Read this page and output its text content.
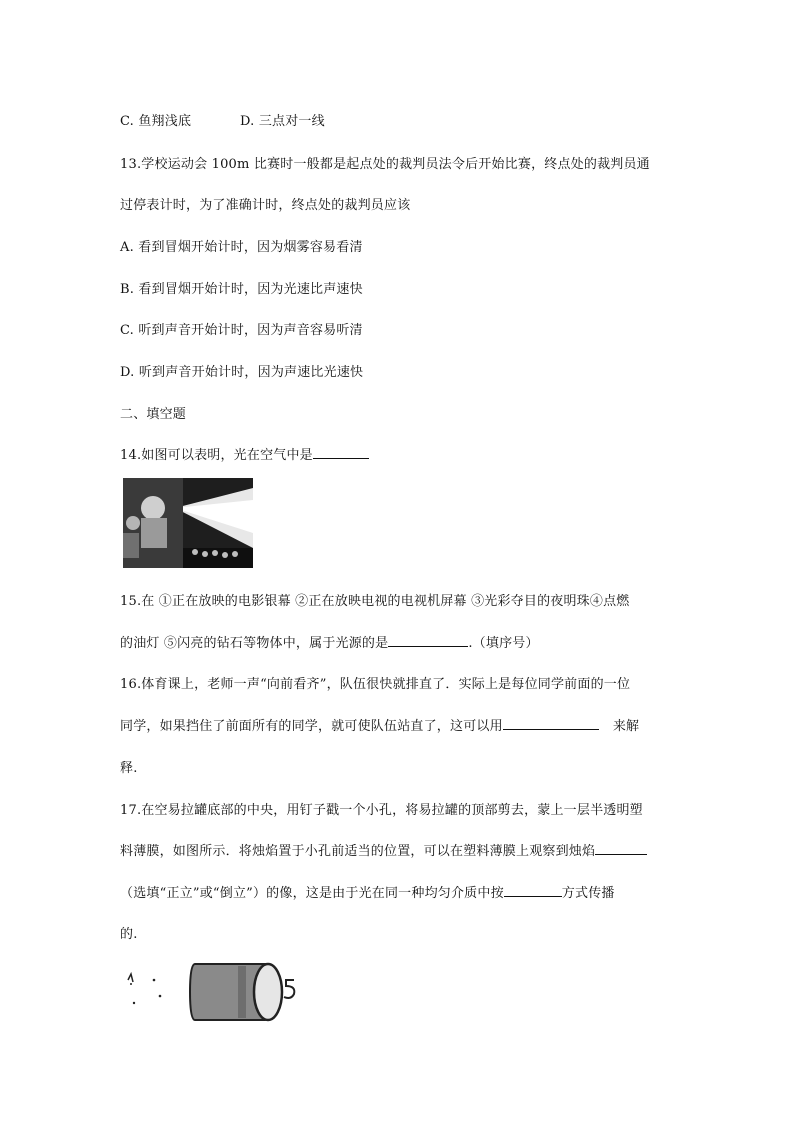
C. 鱼翔浅底	D. 三点对一线
13.学校运动会 100m 比赛时一般都是起点处的裁判员法令后开始比赛，终点处的裁判员通
过停表计时，为了准确计时，终点处的裁判员应该
A. 看到冒烟开始计时，因为烟雾容易看清
B. 看到冒烟开始计时，因为光速比声速快
C. 听到声音开始计时，因为声音容易听清
D. 听到声音开始计时，因为声速比光速快
二、填空题
14.如图可以表明，光在空气中是
15.在 ①正在放映的电影银幕 ②正在放映电视的电视机屏幕 ③光彩夺目的夜明珠④点燃
的油灯 ⑤闪亮的钻石等物体中，属于光源的是	.（填序号）
16.体育课上，老师一声“向前看齐”，队伍很快就排直了．实际上是每位同学前面的一位
同学，如果挡住了前面所有的同学，就可使队伍站直了，这可以用	来解
释.
17.在空易拉罐底部的中央，用钉子戳一个小孔，将易拉罐的顶部剪去，蒙上一层半透明塑
料薄膜，如图所示．将烛焰置于小孔前适当的位置，可以在塑料薄膜上观察到烛焰
（选填“正立”或“倒立”）的像，这是由于光在同一种均匀介质中按	方式传播
的.
